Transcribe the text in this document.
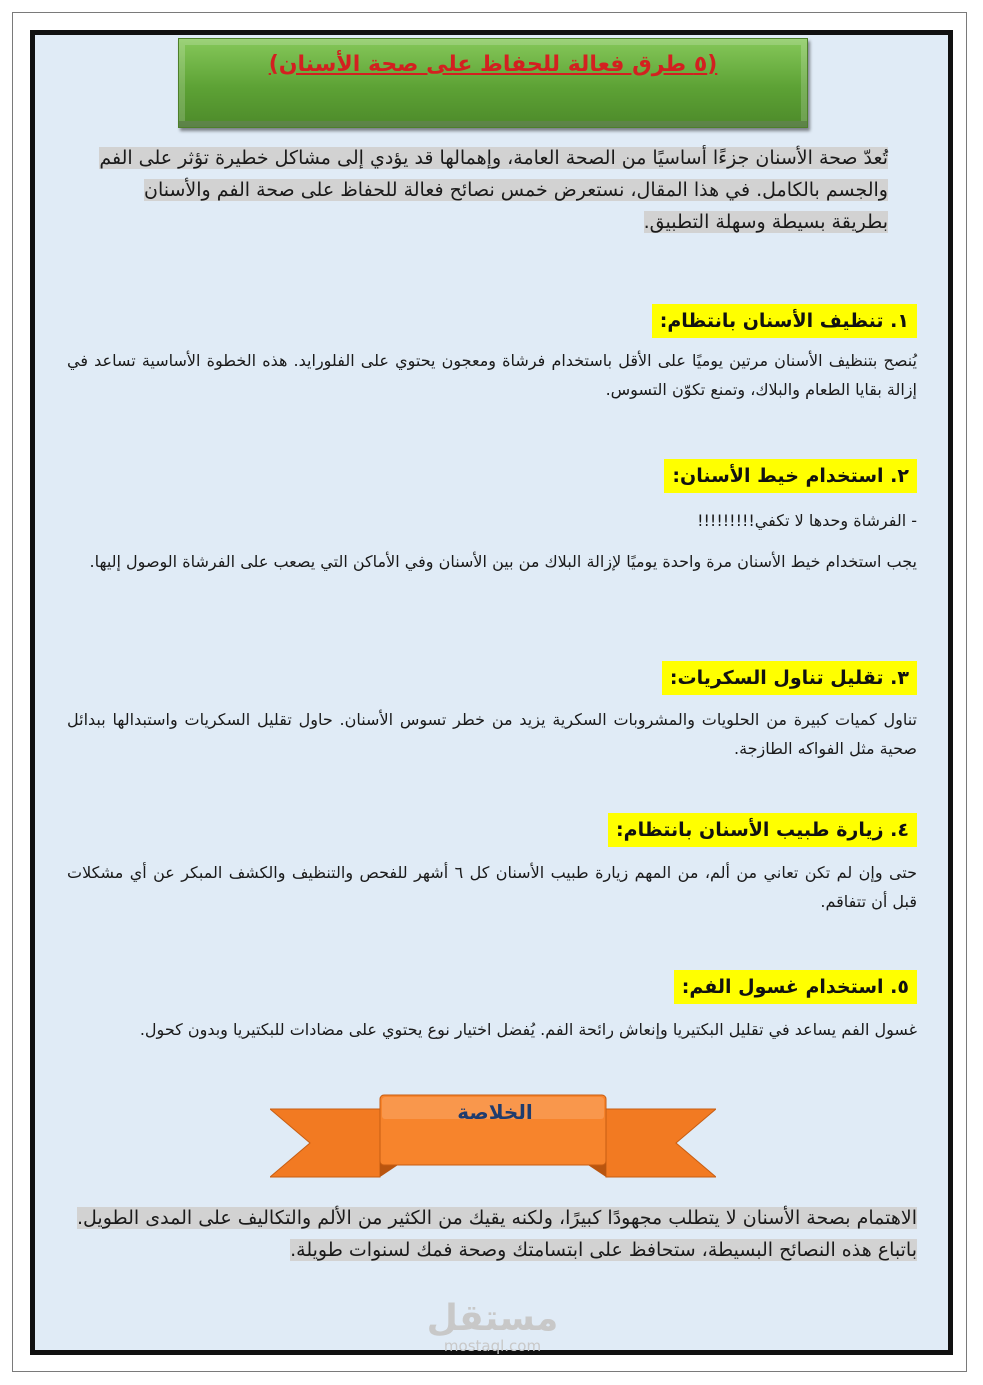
(٥ طرق فعالة للحفاظ على صحة الأسنان)
تُعدّ صحة الأسنان جزءًا أساسيًا من الصحة العامة، وإهمالها قد يؤدي إلى مشاكل خطيرة تؤثر على الفم والجسم بالكامل. في هذا المقال، نستعرض خمس نصائح فعالة للحفاظ على صحة الفم والأسنان بطريقة بسيطة وسهلة التطبيق.
١. تنظيف الأسنان بانتظام:
يُنصح بتنظيف الأسنان مرتين يوميًا على الأقل باستخدام فرشاة ومعجون يحتوي على الفلورايد. هذه الخطوة الأساسية تساعد في إزالة بقايا الطعام والبلاك، وتمنع تكوّن التسوس.
٢. استخدام خيط الأسنان:
- الفرشاة وحدها لا تكفي!!!!!!!!!
يجب استخدام خيط الأسنان مرة واحدة يوميًا لإزالة البلاك من بين الأسنان وفي الأماكن التي يصعب على الفرشاة الوصول إليها.
٣. تقليل تناول السكريات:
تناول كميات كبيرة من الحلويات والمشروبات السكرية يزيد من خطر تسوس الأسنان. حاول تقليل السكريات واستبدالها ببدائل صحية مثل الفواكه الطازجة.
٤. زيارة طبيب الأسنان بانتظام:
حتى وإن لم تكن تعاني من ألم، من المهم زيارة طبيب الأسنان كل ٦ أشهر للفحص والتنظيف والكشف المبكر عن أي مشكلات قبل أن تتفاقم.
٥. استخدام غسول الفم:
غسول الفم يساعد في تقليل البكتيريا وإنعاش رائحة الفم. يُفضل اختيار نوع يحتوي على مضادات للبكتيريا وبدون كحول.
الخلاصة
الاهتمام بصحة الأسنان لا يتطلب مجهودًا كبيرًا، ولكنه يقيك من الكثير من الألم والتكاليف على المدى الطويل. باتباع هذه النصائح البسيطة، ستحافظ على ابتسامتك وصحة فمك لسنوات طويلة.
مستقل
mostaql.com
